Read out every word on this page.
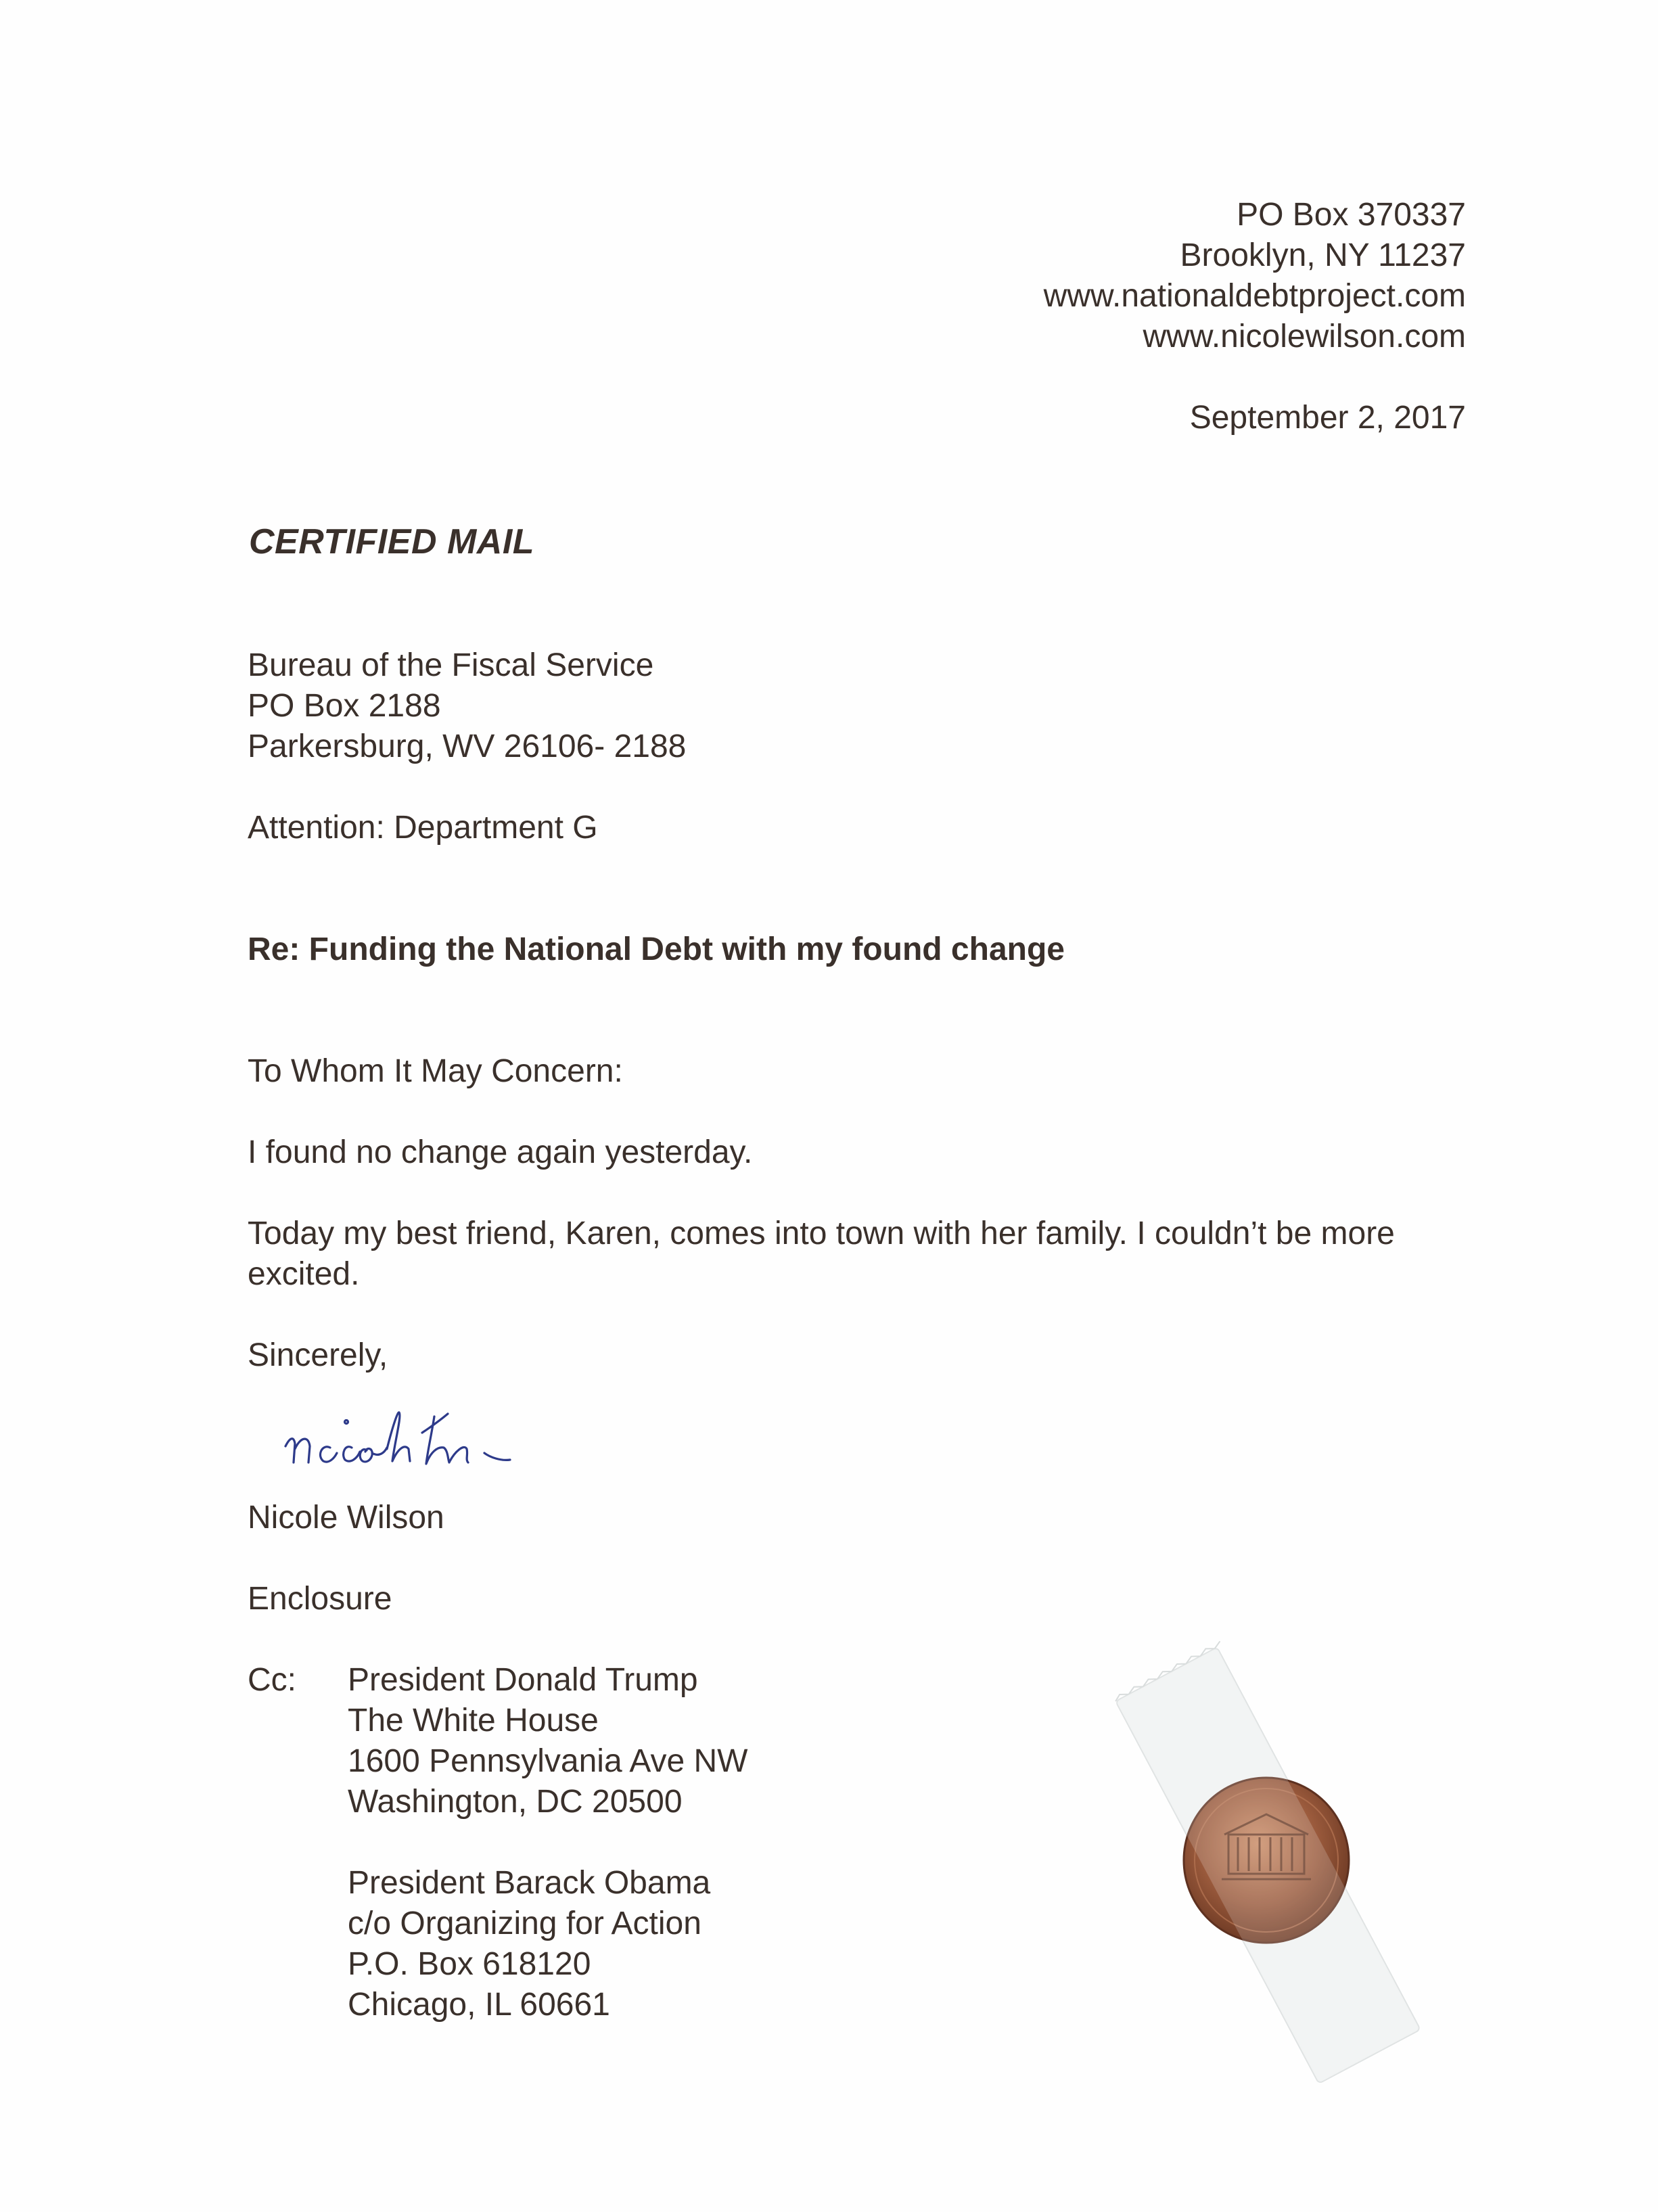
PO Box 370337
Brooklyn, NY 11237
www.nationaldebtproject.com
www.nicolewilson.com
September 2, 2017
CERTIFIED MAIL
Bureau of the Fiscal Service
PO Box 2188
Parkersburg, WV 26106- 2188
Attention: Department G
Re: Funding the National Debt with my found change
To Whom It May Concern:
I found no change again yesterday.
Today my best friend, Karen, comes into town with her family. I couldn’t be more excited.
Sincerely,
Nicole Wilson
Enclosure
Cc: President Donald Trump
The White House
1600 Pennsylvania Ave NW
Washington, DC 20500
President Barack Obama
c/o Organizing for Action
P.O. Box 618120
Chicago, IL 60661
